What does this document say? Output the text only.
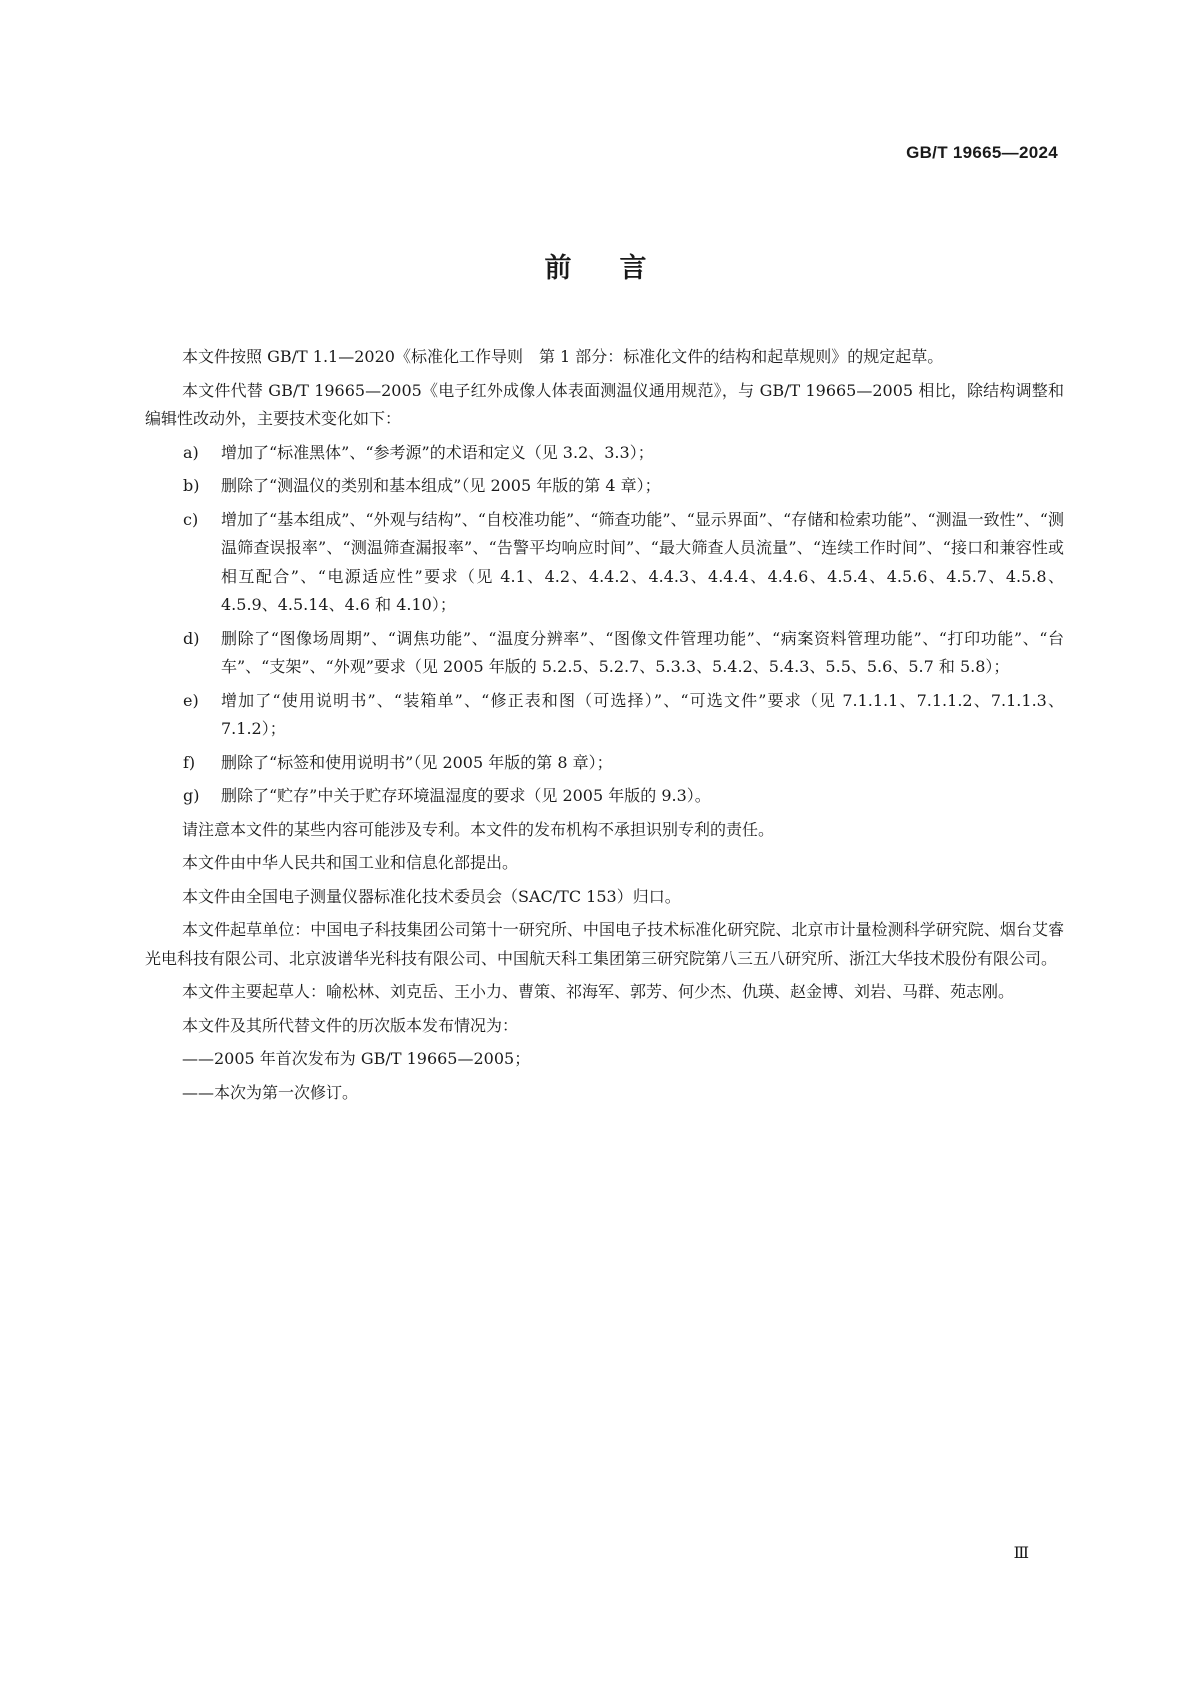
GB/T 19665—2024
前言

本文件按照 GB/T 1.1—2020《标准化工作导则　第 1 部分：标准化文件的结构和起草规则》的规定起草。

本文件代替 GB/T 19665—2005《电子红外成像人体表面测温仪通用规范》，与 GB/T 19665—2005 相比，除结构调整和编辑性改动外，主要技术变化如下：

a) 增加了“标准黑体”、“参考源”的术语和定义（见 3.2、3.3）；

b) 删除了“测温仪的类别和基本组成”（见 2005 年版的第 4 章）；

c) 增加了“基本组成”、“外观与结构”、“自校准功能”、“筛查功能”、“显示界面”、“存储和检索功能”、“测温一致性”、“测温筛查误报率”、“测温筛查漏报率”、“告警平均响应时间”、“最大筛查人员流量”、“连续工作时间”、“接口和兼容性或相互配合”、“电源适应性”要求（见 4.1、4.2、4.4.2、4.4.3、4.4.4、4.4.6、4.5.4、4.5.6、4.5.7、4.5.8、4.5.9、4.5.14、4.6 和 4.10）；

d) 删除了“图像场周期”、“调焦功能”、“温度分辨率”、“图像文件管理功能”、“病案资料管理功能”、“打印功能”、“台车”、“支架”、“外观”要求（见 2005 年版的 5.2.5、5.2.7、5.3.3、5.4.2、5.4.3、5.5、5.6、5.7 和 5.8）；

e) 增加了“使用说明书”、“装箱单”、“修正表和图（可选择）”、“可选文件”要求（见 7.1.1.1、7.1.1.2、7.1.1.3、7.1.2）；

f) 删除了“标签和使用说明书”（见 2005 年版的第 8 章）；

g) 删除了“贮存”中关于贮存环境温湿度的要求（见 2005 年版的 9.3）。

请注意本文件的某些内容可能涉及专利。本文件的发布机构不承担识别专利的责任。

本文件由中华人民共和国工业和信息化部提出。

本文件由全国电子测量仪器标准化技术委员会（SAC/TC 153）归口。

本文件起草单位：中国电子科技集团公司第十一研究所、中国电子技术标准化研究院、北京市计量检测科学研究院、烟台艾睿光电科技有限公司、北京波谱华光科技有限公司、中国航天科工集团第三研究院第八三五八研究所、浙江大华技术股份有限公司。

本文件主要起草人：喻松林、刘克岳、王小力、曹策、祁海军、郭芳、何少杰、仇瑛、赵金博、刘岩、马群、苑志刚。

本文件及其所代替文件的历次版本发布情况为：

——2005 年首次发布为 GB/T 19665—2005；

——本次为第一次修订。

Ⅲ
